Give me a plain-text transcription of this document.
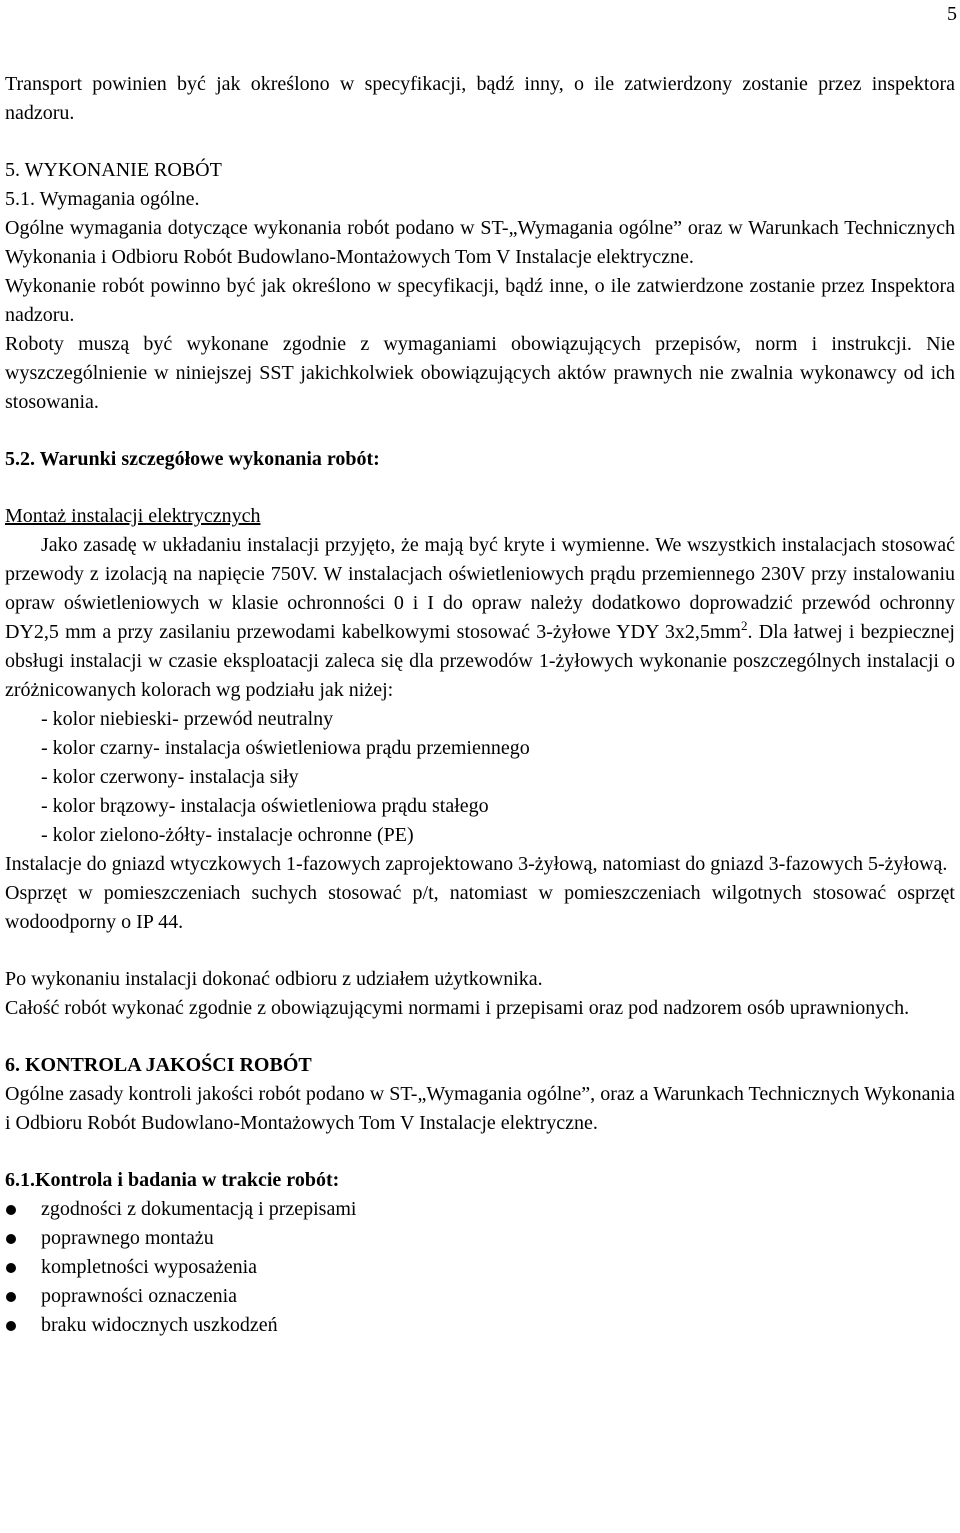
5

Transport powinien być jak określono w specyfikacji, bądź inny, o ile zatwierdzony zostanie przez inspektora nadzoru.

5. WYKONANIE ROBÓT

5.1. Wymagania ogólne.

Ogólne wymagania dotyczące wykonania robót podano w ST-„Wymagania ogólne” oraz w Warunkach Technicznych Wykonania i Odbioru Robót Budowlano-Montażowych Tom V Instalacje elektryczne.

Wykonanie robót powinno być jak określono w specyfikacji, bądź inne, o ile zatwierdzone zostanie przez Inspektora nadzoru.

Roboty muszą być wykonane zgodnie z wymaganiami obowiązujących przepisów, norm i instrukcji. Nie wyszczególnienie w niniejszej SST jakichkolwiek obowiązujących aktów prawnych nie zwalnia wykonawcy od ich stosowania.

5.2. Warunki szczegółowe wykonania robót:

Montaż instalacji elektrycznych

Jako zasadę w układaniu instalacji przyjęto, że mają być kryte i wymienne. We wszystkich instalacjach stosować przewody z izolacją na napięcie 750V. W instalacjach oświetleniowych prądu przemiennego 230V przy instalowaniu opraw oświetleniowych w klasie ochronności 0 i I do opraw należy dodatkowo doprowadzić przewód ochronny DY2,5 mm a przy zasilaniu przewodami kabelkowymi stosować 3-żyłowe YDY $3x2,5mm^2$. Dla łatwej i bezpiecznej obsługi instalacji w czasie eksploatacji zaleca się dla przewodów 1-żyłowych wykonanie poszczególnych instalacji o zróżnicowanych kolorach wg podziału jak niżej:

- kolor niebieski- przewód neutralny
- kolor czarny- instalacja oświetleniowa prądu przemiennego
- kolor czerwony- instalacja siły
- kolor brązowy- instalacja oświetleniowa prądu stałego
- kolor zielono-żółty- instalacje ochronne (PE)

Instalacje do gniazd wtyczkowych 1-fazowych zaprojektowano 3-żyłową, natomiast do gniazd 3-fazowych 5-żyłową.

Osprzęt w pomieszczeniach suchych stosować p/t, natomiast w pomieszczeniach wilgotnych stosować osprzęt wodoodporny o IP 44.

Po wykonaniu instalacji dokonać odbioru z udziałem użytkownika.

Całość robót wykonać zgodnie z obowiązującymi normami i przepisami oraz pod nadzorem osób uprawnionych.

6. KONTROLA JAKOŚCI ROBÓT

Ogólne zasady kontroli jakości robót podano w ST-„Wymagania ogólne”, oraz a Warunkach Technicznych Wykonania i Odbioru Robót Budowlano-Montażowych Tom V Instalacje elektryczne.

6.1.Kontrola i badania w trakcie robót:

zgodności z dokumentacją i przepisami
poprawnego montażu
kompletności wyposażenia
poprawności oznaczenia
braku widocznych uszkodzeń
